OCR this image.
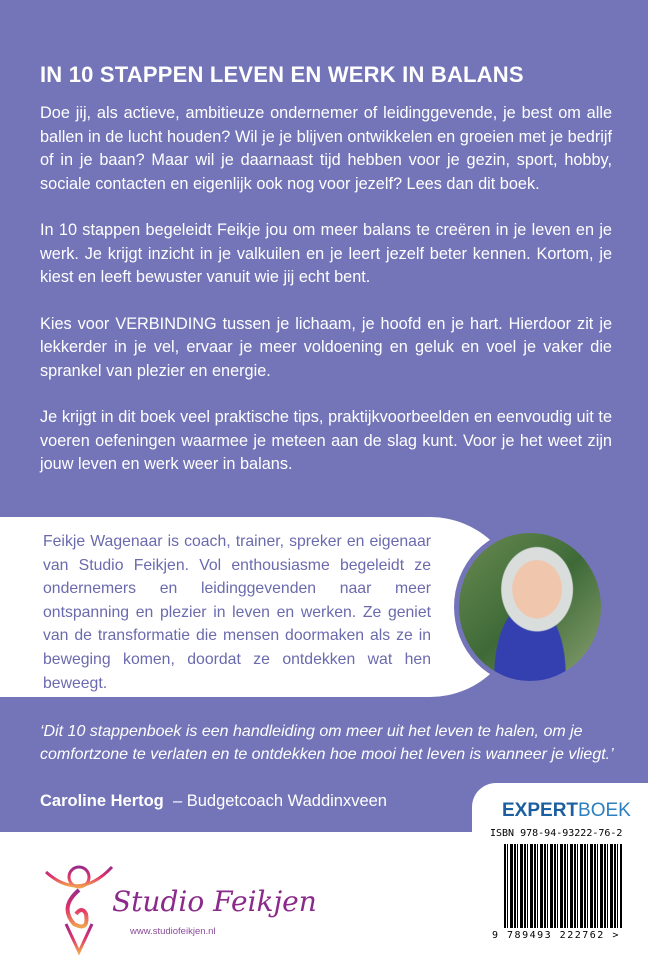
IN 10 STAPPEN LEVEN EN WERK IN BALANS

Doe jij, als actieve, ambitieuze ondernemer of leidinggevende, je best om alle ballen in de lucht houden? Wil je je blijven ontwikkelen en groeien met je bedrijf of in je baan? Maar wil je daarnaast tijd hebben voor je gezin, sport, hobby, sociale contacten en eigenlijk ook nog voor jezelf? Lees dan dit boek.

In 10 stappen begeleidt Feikje jou om meer balans te creëren in je leven en je werk. Je krijgt inzicht in je valkuilen en je leert jezelf beter kennen. Kortom, je kiest en leeft bewuster vanuit wie jij echt bent.

Kies voor VERBINDING tussen je lichaam, je hoofd en je hart. Hierdoor zit je lekkerder in je vel, ervaar je meer voldoening en geluk en voel je vaker die sprankel van plezier en energie.

Je krijgt in dit boek veel praktische tips, praktijkvoorbeelden en eenvoudig uit te voeren oefeningen waarmee je meteen aan de slag kunt. Voor je het weet zijn jouw leven en werk weer in balans.

Feikje Wagenaar is coach, trainer, spreker en eigenaar van Studio Feikjen. Vol enthousiasme begeleidt ze ondernemers en leidinggevenden naar meer ontspanning en plezier in leven en werken. Ze geniet van de transformatie die mensen doormaken als ze in beweging komen, doordat ze ontdekken wat hen beweegt.
‘Dit 10 stappenboek is een handleiding om meer uit het leven te halen, om je comfortzone te verlaten en te ontdekken hoe mooi het leven is wanneer je vliegt.’
Caroline Hertog – Budgetcoach Waddinxveen	EXPERTBOEK
ISBN 978-94-93222-76-2
9 789493 222762 >
Studio Feikjen
www.studiofeikjen.nl
